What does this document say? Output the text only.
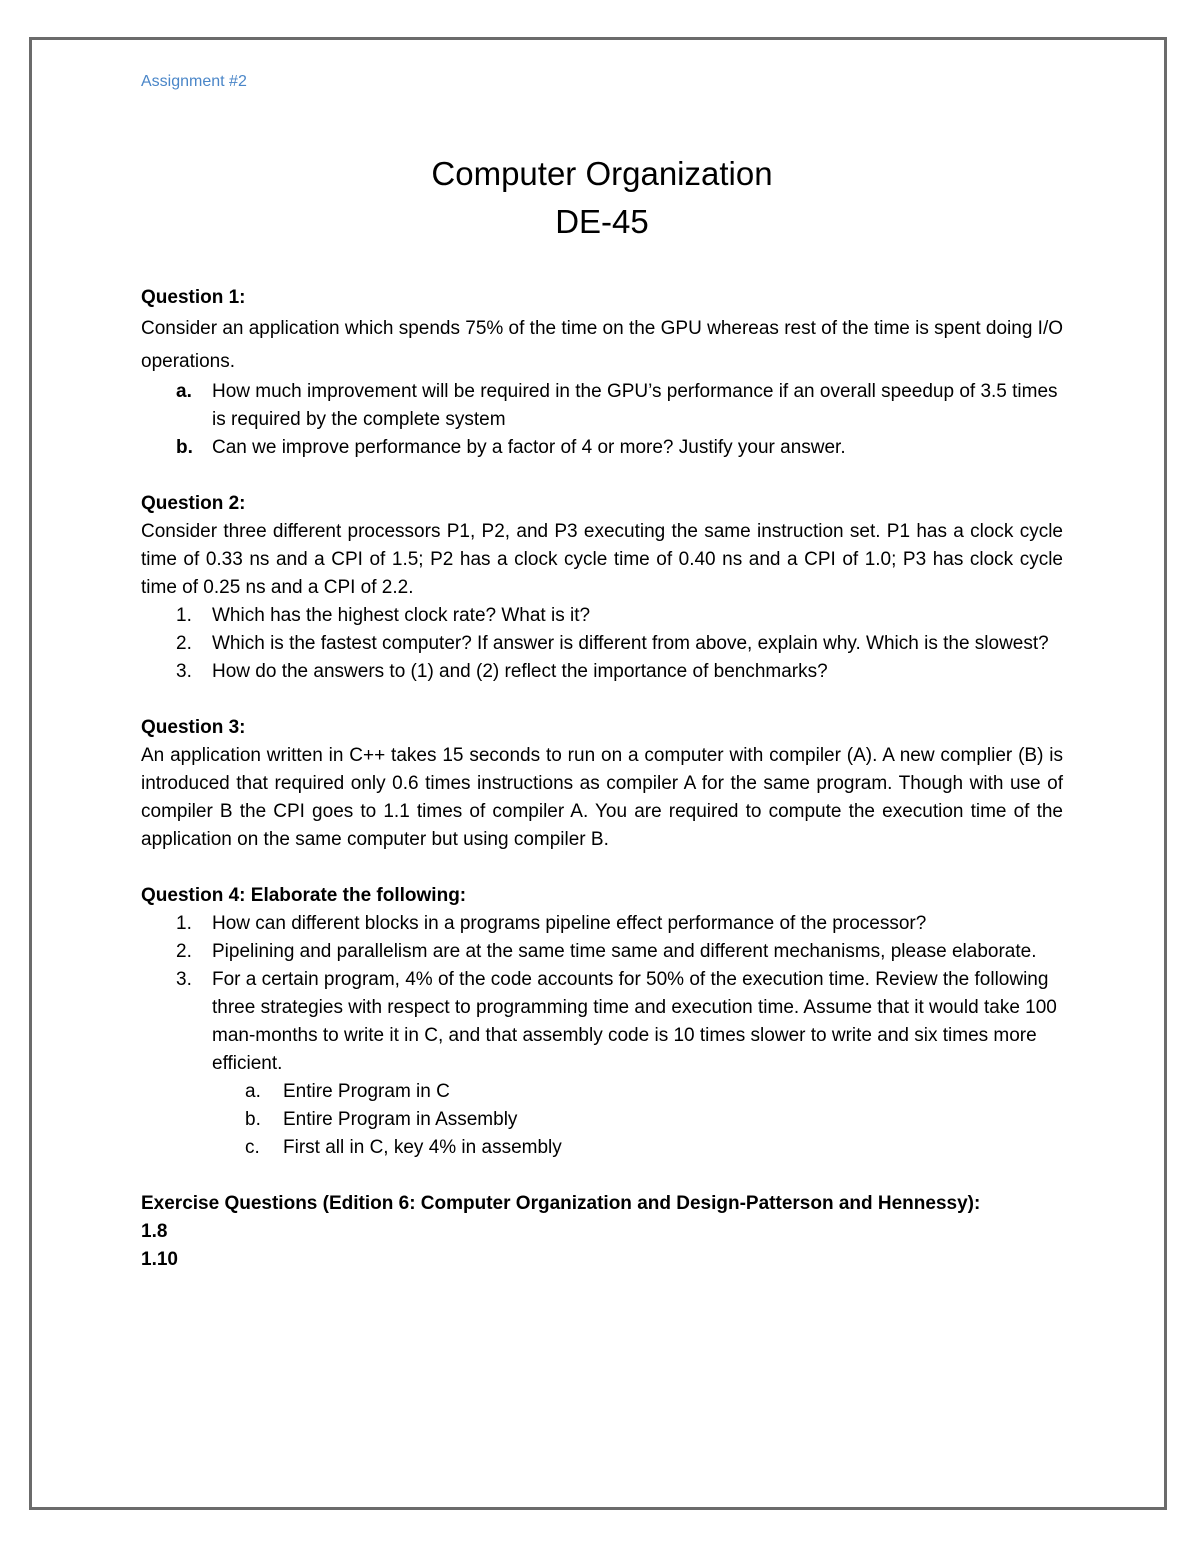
Assignment #2

Computer Organization
DE-45
Question 1:
Consider an application which spends 75% of the time on the GPU whereas rest of the time is spent doing I/O operations.
a. How much improvement will be required in the GPU’s performance if an overall speedup of 3.5 times is required by the complete system
b. Can we improve performance by a factor of 4 or more? Justify your answer.
Question 2:
Consider three different processors P1, P2, and P3 executing the same instruction set. P1 has a clock cycle time of 0.33 ns and a CPI of 1.5; P2 has a clock cycle time of 0.40 ns and a CPI of 1.0; P3 has clock cycle time of 0.25 ns and a CPI of 2.2.
1. Which has the highest clock rate? What is it?
2. Which is the fastest computer? If answer is different from above, explain why. Which is the slowest?
3. How do the answers to (1) and (2) reflect the importance of benchmarks?
Question 3:
An application written in C++ takes 15 seconds to run on a computer with compiler (A). A new complier (B) is introduced that required only 0.6 times instructions as compiler A for the same program. Though with use of compiler B the CPI goes to 1.1 times of compiler A. You are required to compute the execution time of the application on the same computer but using compiler B.
Question 4: Elaborate the following:
1. How can different blocks in a programs pipeline effect performance of the processor?
2. Pipelining and parallelism are at the same time same and different mechanisms, please elaborate.
3. For a certain program, 4% of the code accounts for 50% of the execution time. Review the following three strategies with respect to programming time and execution time. Assume that it would take 100 man-months to write it in C, and that assembly code is 10 times slower to write and six times more efficient.
a. Entire Program in C
b. Entire Program in Assembly
c. First all in C, key 4% in assembly
Exercise Questions (Edition 6: Computer Organization and Design-Patterson and Hennessy):
1.8
1.10
